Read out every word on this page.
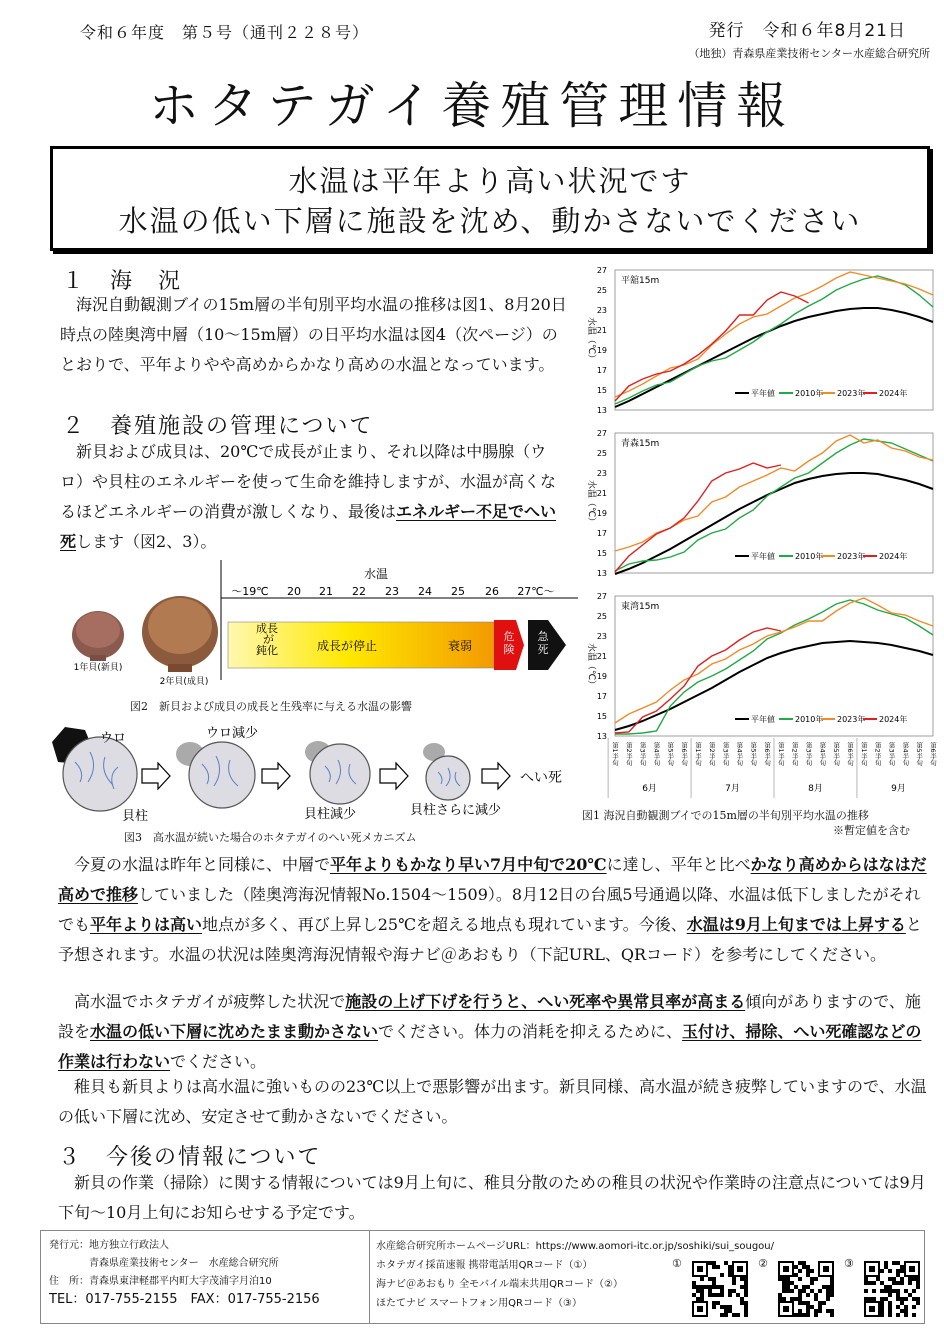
令和６年度　第５号（通刊２２８号）	発行　令和６年8月21日
（地独）青森県産業技術センター水産総合研究所
ホタテガイ養殖管理情報
水温は平年より高い状況です
水温の低い下層に施設を沈め、動かさないでください
１　海　況
　海況自動観測ブイの15m層の半旬別平均水温の推移は図1、8月20日時点の陸奥湾中層（10～15m層）の日平均水温は図4（次ページ）のとおりで、平年よりやや高めからかなり高めの水温となっています。
２　養殖施設の管理について
　新貝および成貝は、20℃で成長が止まり、それ以降は中腸腺（ウロ）や貝柱のエネルギーを使って生命を維持しますが、水温が高くなるほどエネルギーの消費が激しくなり、最後はエネルギー不足でへい死します（図2、3）。
水温
～19℃ 20 21 22 23 24 25 26 27℃～
成長が鈍化	成長が停止	衰弱
危険
急死
1年貝(新貝)
2年貝(成貝)
図2　新貝および成貝の成長と生残率に与える水温の影響
ウロ
貝柱
ウロ減少
貝柱減少	貝柱さらに減少
へい死
図3　高水温が続いた場合のホタテガイのへい死メカニズム
13
15
17
19
21
23
25
27
平舘15m
水温（℃）
平年値	2010年 2023年 2024年
13
15
17
19
21
23
25
27
青森15m
水温（℃）
平年値	2010年 2023年 2024年
13
15
17
19
21
23
25
27
東湾15m
水温（℃）
平年値	2010年 2023年 2024年
第1半旬 第2半旬 第3半旬 第4半旬 第5半旬 第6半旬 第1半旬 第2半旬 第3半旬 第4半旬 第5半旬 第6半旬 第1半旬 第2半旬 第3半旬 第4半旬 第5半旬 第6半旬 第1半旬 第2半旬 第3半旬 第4半旬 第5半旬 第6半旬
6月	7月	8月	9月
図1 海況自動観測ブイでの15m層の半旬別平均水温の推移
※暫定値を含む
　今夏の水温は昨年と同様に、中層で平年よりもかなり早い7月中旬で20℃に達し、平年と比べかなり高めからはなはだ高めで推移していました（陸奥湾海況情報No.1504～1509）。8月12日の台風5号通過以降、水温は低下しましたがそれでも平年よりは高い地点が多く、再び上昇し25℃を超える地点も現れています。今後、水温は9月上旬までは上昇すると予想されます。水温の状況は陸奥湾海況情報や海ナビ＠あおもり（下記URL、QRコード）を参考にしてください。
　高水温でホタテガイが疲弊した状況で施設の上げ下げを行うと、へい死率や異常貝率が高まる傾向がありますので、施設を水温の低い下層に沈めたまま動かさないでください。体力の消耗を抑えるために、玉付け、掃除、へい死確認などの作業は行わないでください。
　稚貝も新貝よりは高水温に強いものの23℃以上で悪影響が出ます。新貝同様、高水温が続き疲弊していますので、水温の低い下層に沈め、安定させて動かさないでください。
３　今後の情報について
　新貝の作業（掃除）に関する情報については9月上旬に、稚貝分散のための稚貝の状況や作業時の注意点については9月下旬～10月上旬にお知らせする予定です。
発行元：地方独立行政法人
　　　　青森県産業技術センター　水産総合研究所
住　所：青森県東津軽郡平内町大字茂浦字月泊10
TEL：017-755-2155　FAX：017-755-2156
水産総合研究所ホームページURL：https://www.aomori-itc.or.jp/soshiki/sui_sougou/
ホタテガイ採苗速報 携帯電話用QRコード（①）
海ナビ＠あおもり 全モバイル端末共用QRコード（②）
ほたてナビ スマートフォン用QRコード（③）
①	②	③
